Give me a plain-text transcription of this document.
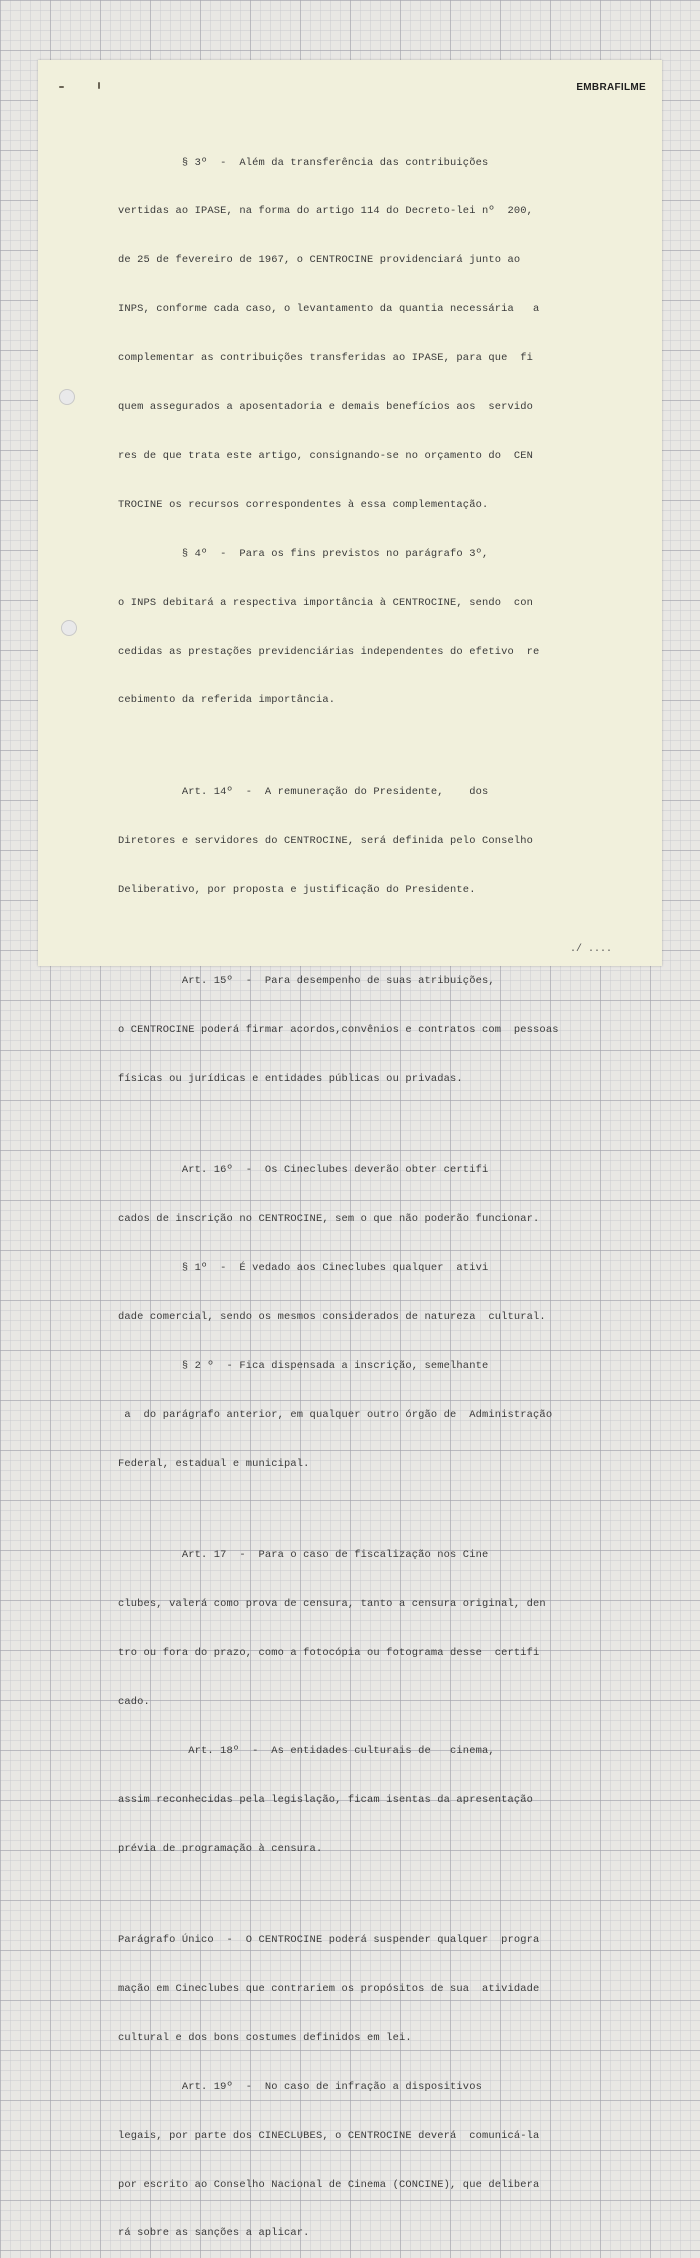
EMBRAFILME

§ 3º  -  Além da transferência das contribuições

vertidas ao IPASE, na forma do artigo 114 do Decreto-lei nº  200,

de 25 de fevereiro de 1967, o CENTROCINE providenciará junto ao

INPS, conforme cada caso, o levantamento da quantia necessária   a

complementar as contribuições transferidas ao IPASE, para que  fi

quem assegurados a aposentadoria e demais benefícios aos  servido

res de que trata este artigo, consignando-se no orçamento do  CEN

TROCINE os recursos correspondentes à essa complementação.

§ 4º  -  Para os fins previstos no parágrafo 3º,

o INPS debitará a respectiva importância à CENTROCINE, sendo  con

cedidas as prestações previdenciárias independentes do efetivo  re

cebimento da referida importância.

Art. 14º  -  A remuneração do Presidente,    dos

Diretores e servidores do CENTROCINE, será definida pelo Conselho

Deliberativo, por proposta e justificação do Presidente.

Art. 15º  -  Para desempenho de suas atribuições,

o CENTROCINE poderá firmar acordos,convênios e contratos com  pessoas

físicas ou jurídicas e entidades públicas ou privadas.

Art. 16º  -  Os Cineclubes deverão obter certifi

cados de inscrição no CENTROCINE, sem o que não poderão funcionar.

§ 1º  -  É vedado aos Cineclubes qualquer  ativi

dade comercial, sendo os mesmos considerados de natureza  cultural.

§ 2 º  - Fica dispensada a inscrição, semelhante

a  do parágrafo anterior, em qualquer outro órgão de  Administração

Federal, estadual e municipal.

Art. 17  -  Para o caso de fiscalização nos Cine

clubes, valerá como prova de censura, tanto a censura original, den

tro ou fora do prazo, como a fotocópia ou fotograma desse  certifi

cado.

Art. 18º  -  As entidades culturais de   cinema,

assim reconhecidas pela legislação, ficam isentas da apresentação

prévia de programação à censura.

Parágrafo Único  -  O CENTROCINE poderá suspender qualquer  progra

mação em Cineclubes que contrariem os propósitos de sua  atividade

cultural e dos bons costumes definidos em lei.

Art. 19º  -  No caso de infração a dispositivos

legais, por parte dos CINECLUBES, o CENTROCINE deverá  comunicá-la

por escrito ao Conselho Nacional de Cinema (CONCINE), que delibera

rá sobre as sanções a aplicar.

./ ....
